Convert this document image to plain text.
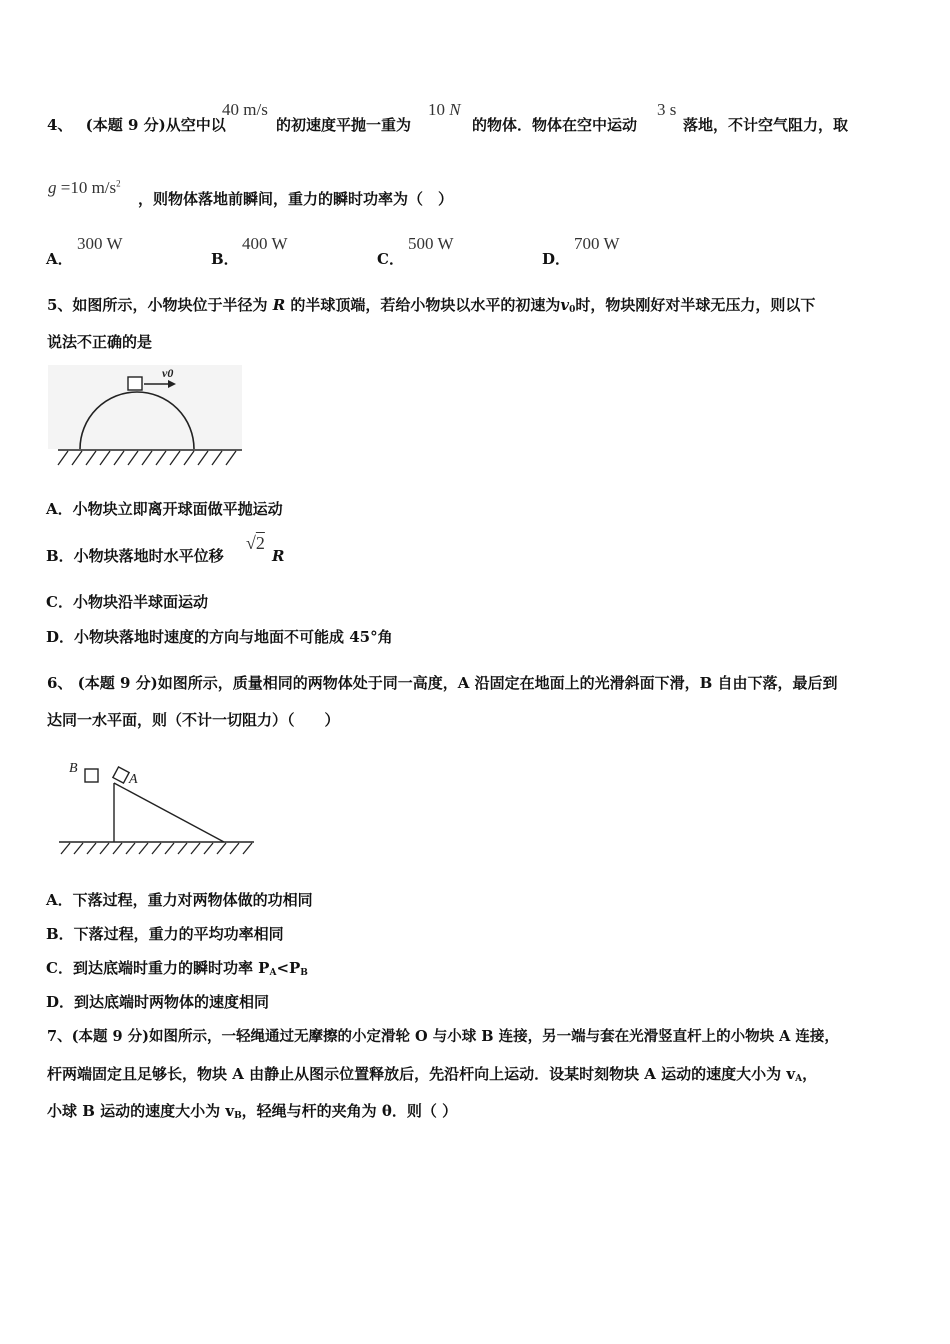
4、 (本题 9 分)从空中以
40 m/s
的初速度平抛一重为
10 N
的物体．物体在空中运动
3 s
落地，不计空气阻力，取
g =10 $m/s^2$
，则物体落地前瞬间，重力的瞬时功率为（　）
A．
300 W
B．
400 W
C．
500 W
D．
700 W
5、如图所示，小物块位于半径为 R 的半球顶端，若给小物块以水平的初速为$v_0$时，物块刚好对半球无压力，则以下
说法不正确的是
v0
A．小物块立即离开球面做平抛运动
B．小物块落地时水平位移
√2
R
C．小物块沿半球面运动
D．小物块落地时速度的方向与地面不可能成 45°角
6、 (本题 9 分)如图所示，质量相同的两物体处于同一高度，A 沿固定在地面上的光滑斜面下滑，B 自由下落，最后到
达同一水平面，则（不计一切阻力）（　　）
B
A
A．下落过程，重力对两物体做的功相同
B．下落过程，重力的平均功率相同
C．到达底端时重力的瞬时功率 $P_A<P_B$
D．到达底端时两物体的速度相同
7、(本题 9 分)如图所示，一轻绳通过无摩擦的小定滑轮 O 与小球 B 连接，另一端与套在光滑竖直杆上的小物块 A 连接，
杆两端固定且足够长，物块 A 由静止从图示位置释放后，先沿杆向上运动．设某时刻物块 A 运动的速度大小为 $v_A$，
小球 B 运动的速度大小为 $v_B$，轻绳与杆的夹角为 θ．则（ ）
